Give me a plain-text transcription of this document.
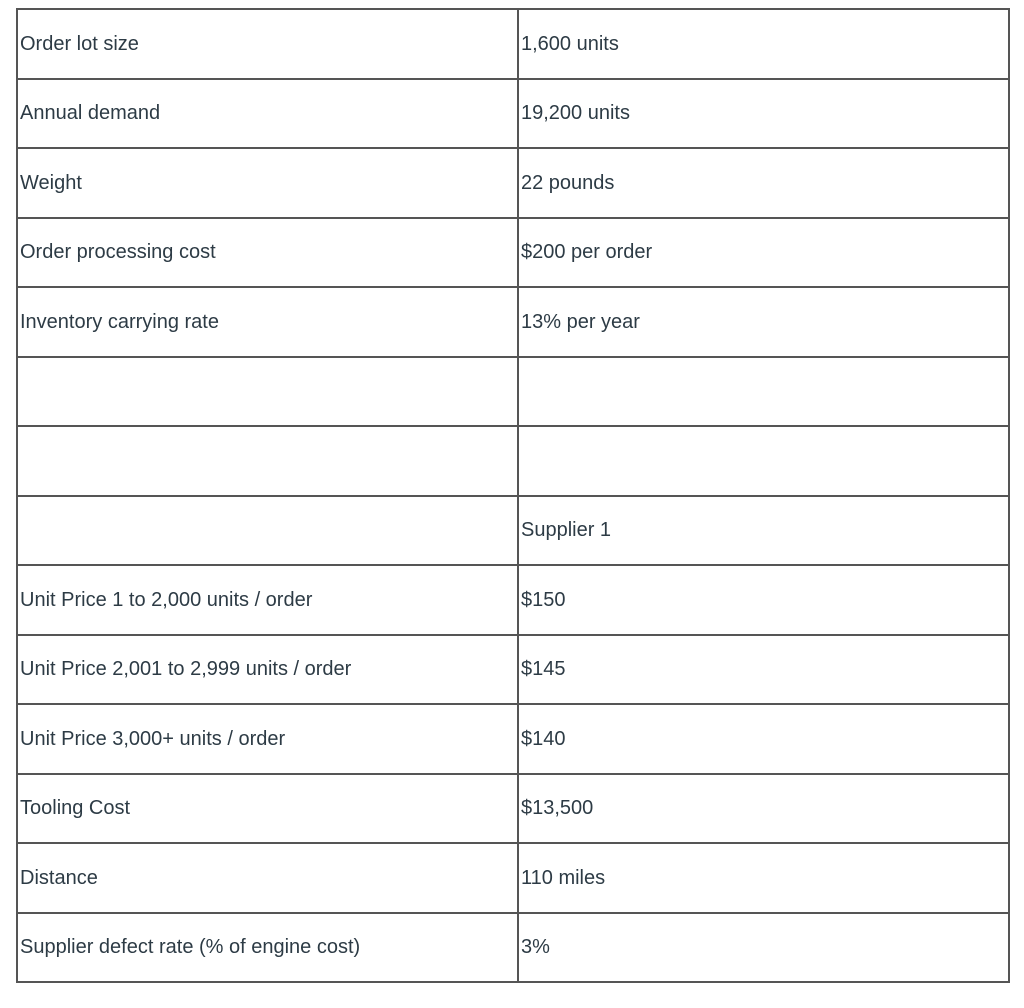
Order lot size	1,600 units
Annual demand	19,200 units
Weight	22 pounds
Order processing cost	$200 per order
Inventory carrying rate	13% per year

	Supplier 1
Unit Price 1 to 2,000 units / order	$150
Unit Price 2,001 to 2,999 units / order	$145
Unit Price 3,000+ units / order	$140
Tooling Cost	$13,500
Distance	110 miles
Supplier defect rate (% of engine cost)	3%
